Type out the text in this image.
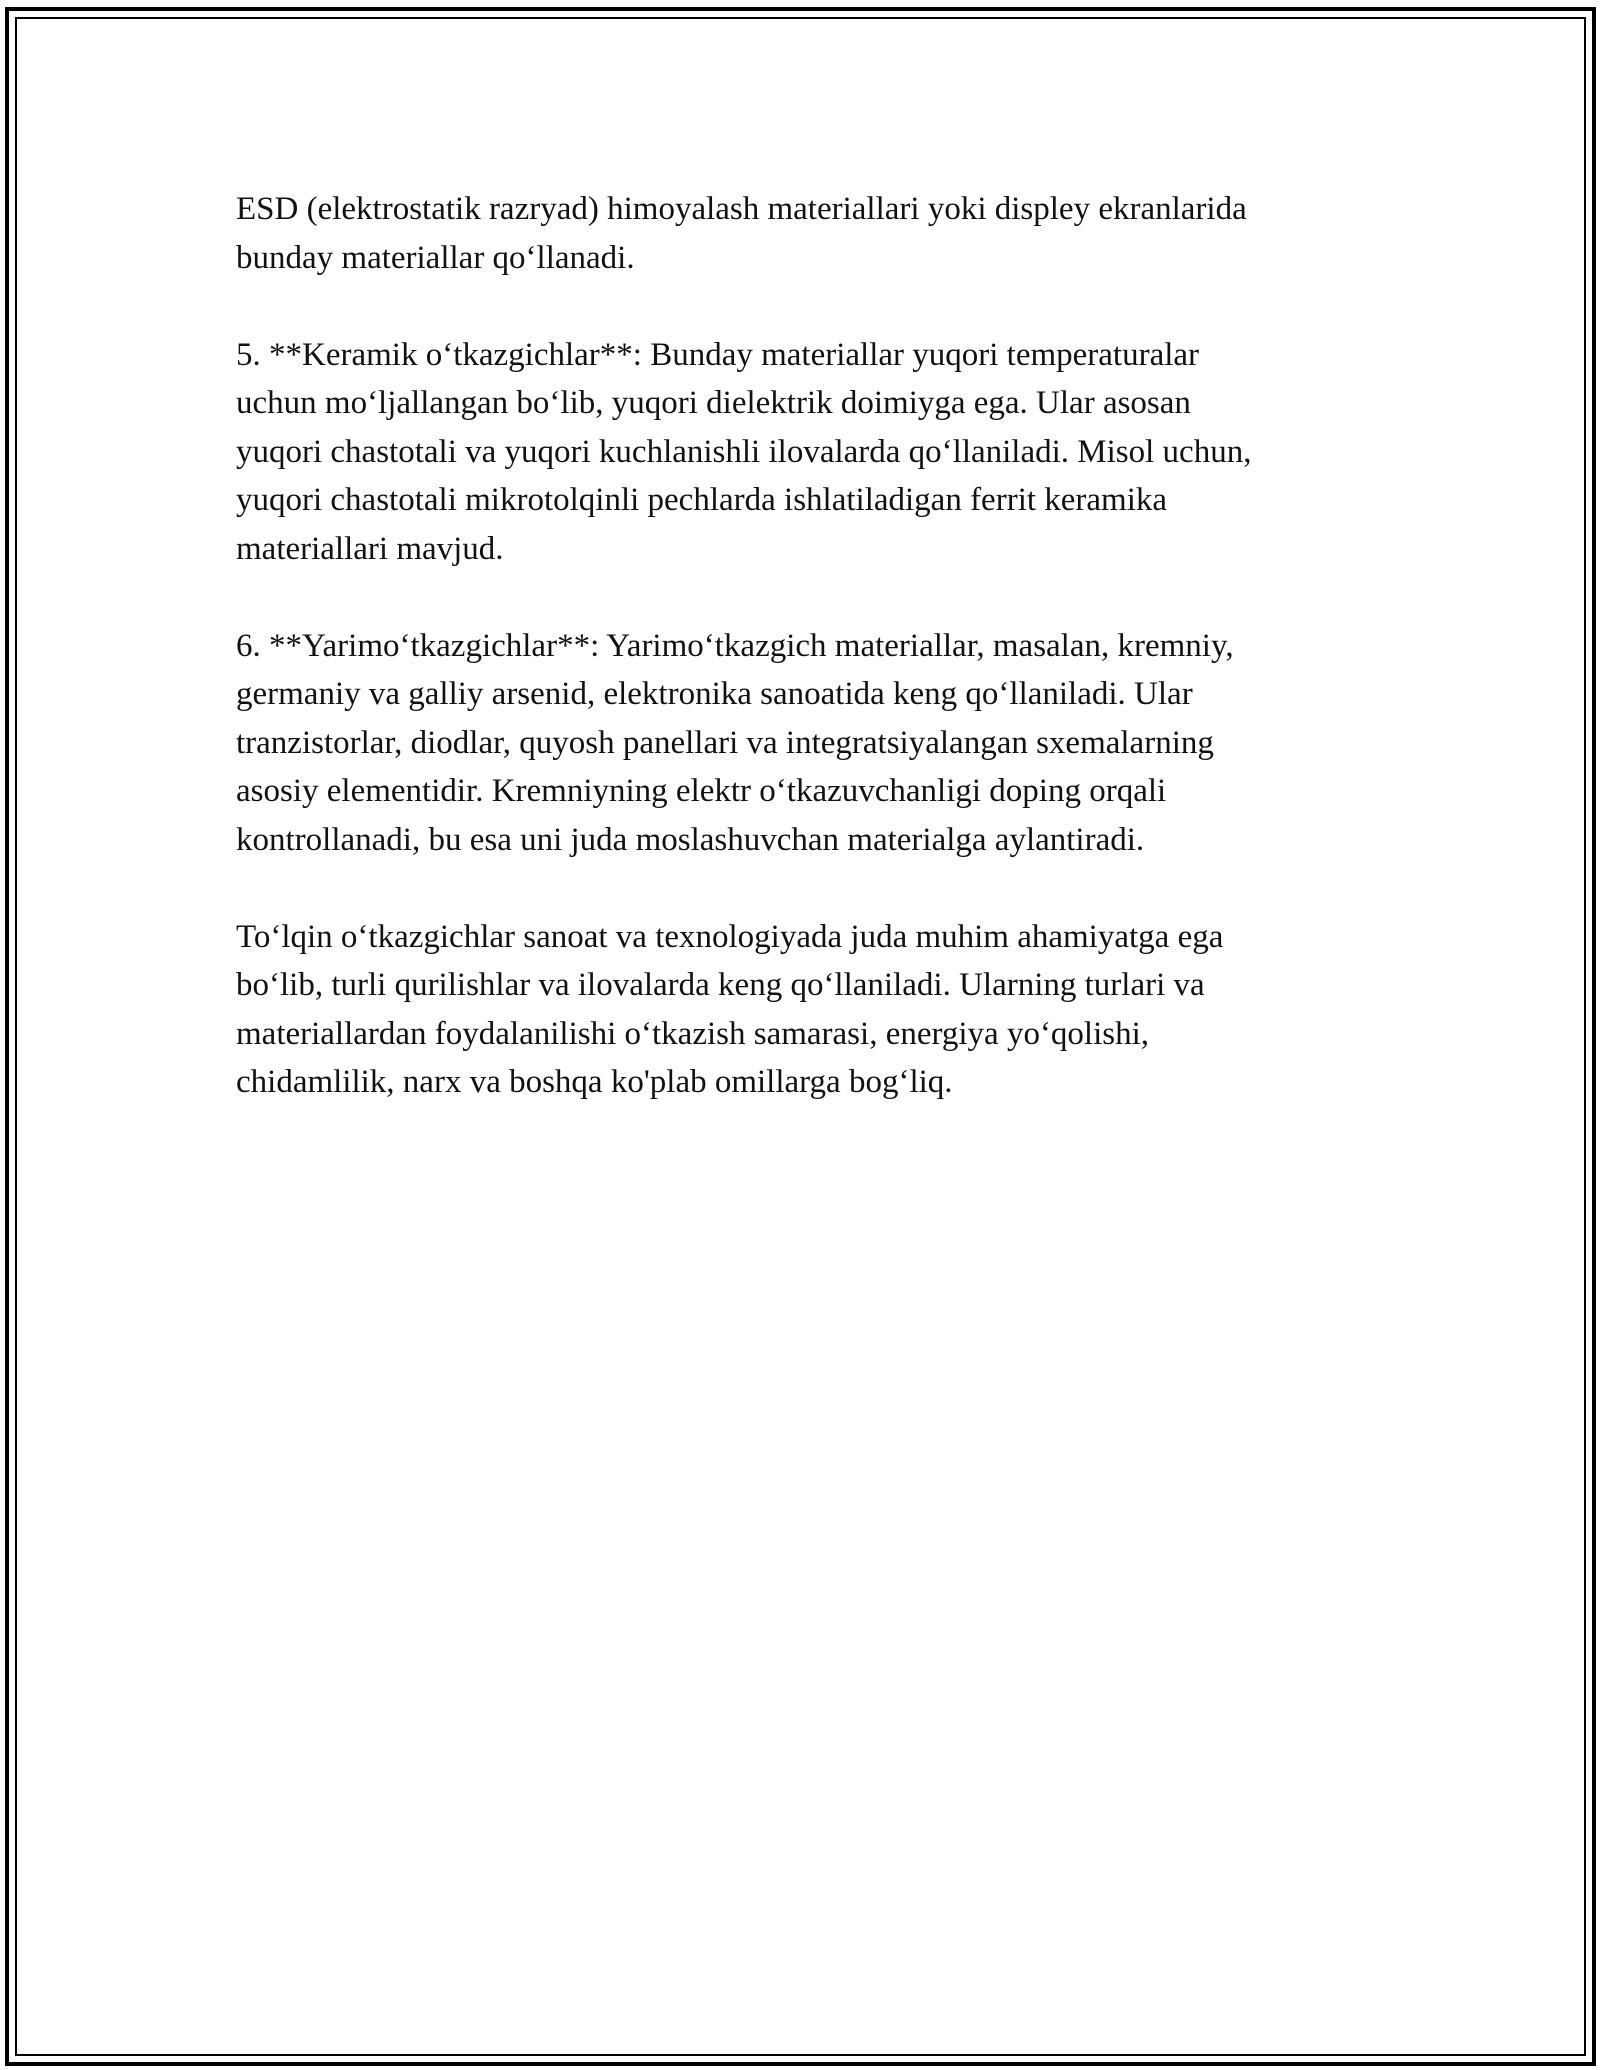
ESD (elektrostatik razryad) himoyalash materiallari yoki displey ekranlarida
bunday materiallar qo‘llanadi.

5. **Keramik o‘tkazgichlar**: Bunday materiallar yuqori temperaturalar
uchun mo‘ljallangan bo‘lib, yuqori dielektrik doimiyga ega. Ular asosan
yuqori chastotali va yuqori kuchlanishli ilovalarda qo‘llaniladi. Misol uchun,
yuqori chastotali mikrotolqinli pechlarda ishlatiladigan ferrit keramika
materiallari mavjud.

6. **Yarimo‘tkazgichlar**: Yarimo‘tkazgich materiallar, masalan, kremniy,
germaniy va galliy arsenid, elektronika sanoatida keng qo‘llaniladi. Ular
tranzistorlar, diodlar, quyosh panellari va integratsiyalangan sxemalarning
asosiy elementidir. Kremniyning elektr o‘tkazuvchanligi doping orqali
kontrollanadi, bu esa uni juda moslashuvchan materialga aylantiradi.

To‘lqin o‘tkazgichlar sanoat va texnologiyada juda muhim ahamiyatga ega
bo‘lib, turli qurilishlar va ilovalarda keng qo‘llaniladi. Ularning turlari va
materiallardan foydalanilishi o‘tkazish samarasi, energiya yo‘qolishi,
chidamlilik, narx va boshqa ko'plab omillarga bog‘liq.
